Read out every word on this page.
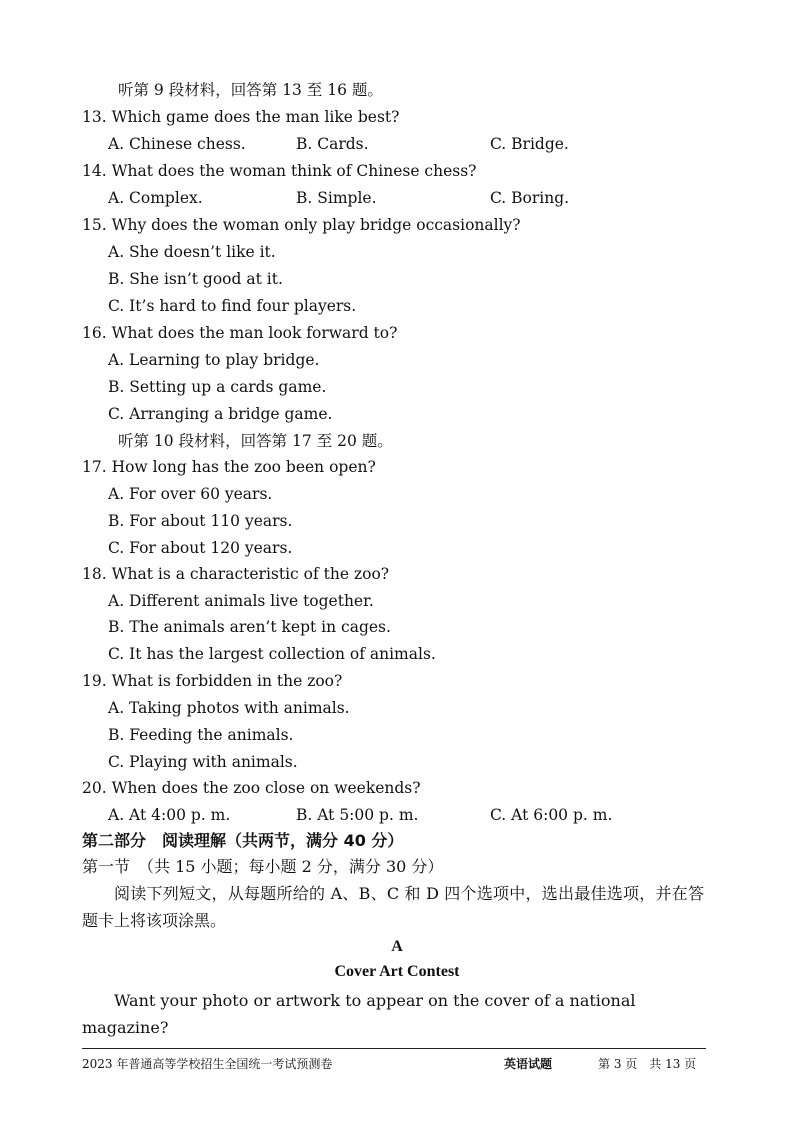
听第 9 段材料，回答第 13 至 16 题。
13. Which game does the man like best?
A. Chinese chess.	B. Cards.	C. Bridge.
14. What does the woman think of Chinese chess?
A. Complex.	B. Simple.	C. Boring.
15. Why does the woman only play bridge occasionally?
A. She doesn’t like it.
B. She isn’t good at it.
C. It’s hard to find four players.
16. What does the man look forward to?
A. Learning to play bridge.
B. Setting up a cards game.
C. Arranging a bridge game.
听第 10 段材料，回答第 17 至 20 题。
17. How long has the zoo been open?
A. For over 60 years.
B. For about 110 years.
C. For about 120 years.
18. What is a characteristic of the zoo?
A. Different animals live together.
B. The animals aren’t kept in cages.
C. It has the largest collection of animals.
19. What is forbidden in the zoo?
A. Taking photos with animals.
B. Feeding the animals.
C. Playing with animals.
20. When does the zoo close on weekends?
A. At 4:00 p. m.	B. At 5:00 p. m.	C. At 6:00 p. m.
第二部分　阅读理解（共两节，满分 40 分）
第一节　（共 15 小题；每小题 2 分，满分 30 分）
阅读下列短文，从每题所给的 A、B、C 和 D 四个选项中，选出最佳选项，并在答题卡上将该项涂黑。
A
Cover Art Contest
Want your photo or artwork to appear on the cover of a national magazine?
2023 年普通高等学校招生全国统一考试预测卷	英语试题	第 3 页　共 13 页
